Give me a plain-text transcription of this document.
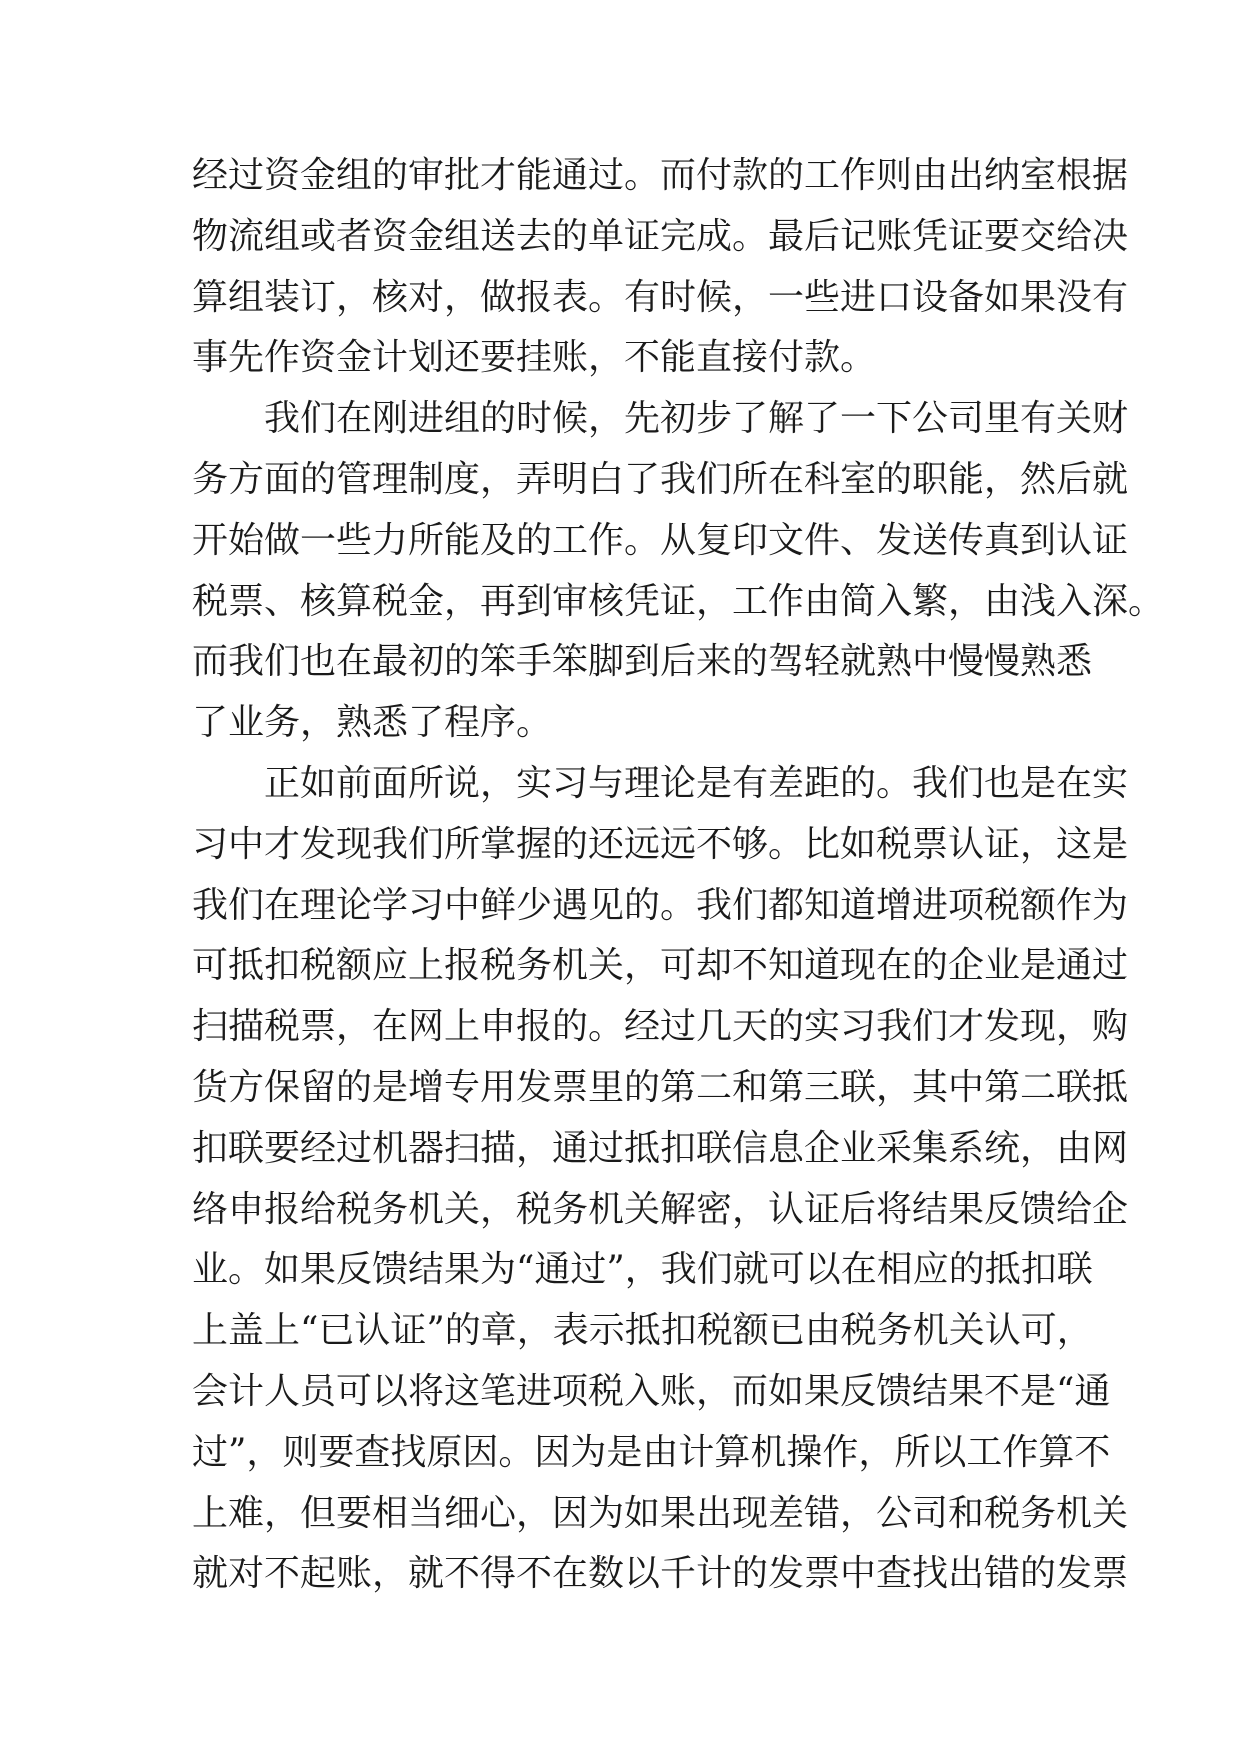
经过资金组的审批才能通过。而付款的工作则由出纳室根据
物流组或者资金组送去的单证完成。最后记账凭证要交给决
算组装订，核对，做报表。有时候，一些进口设备如果没有
事先作资金计划还要挂账，不能直接付款。
我们在刚进组的时候，先初步了解了一下公司里有关财
务方面的管理制度，弄明白了我们所在科室的职能，然后就
开始做一些力所能及的工作。从复印文件、发送传真到认证
税票、核算税金，再到审核凭证，工作由简入繁，由浅入深。
而我们也在最初的笨手笨脚到后来的驾轻就熟中慢慢熟悉
了业务，熟悉了程序。
正如前面所说，实习与理论是有差距的。我们也是在实
习中才发现我们所掌握的还远远不够。比如税票认证，这是
我们在理论学习中鲜少遇见的。我们都知道增进项税额作为
可抵扣税额应上报税务机关，可却不知道现在的企业是通过
扫描税票，在网上申报的。经过几天的实习我们才发现，购
货方保留的是增专用发票里的第二和第三联，其中第二联抵
扣联要经过机器扫描，通过抵扣联信息企业采集系统，由网
络申报给税务机关，税务机关解密，认证后将结果反馈给企
业。如果反馈结果为“通过”，我们就可以在相应的抵扣联
上盖上“已认证”的章，表示抵扣税额已由税务机关认可，
会计人员可以将这笔进项税入账，而如果反馈结果不是“通
过”，则要查找原因。因为是由计算机操作，所以工作算不
上难，但要相当细心，因为如果出现差错，公司和税务机关
就对不起账，就不得不在数以千计的发票中查找出错的发票
